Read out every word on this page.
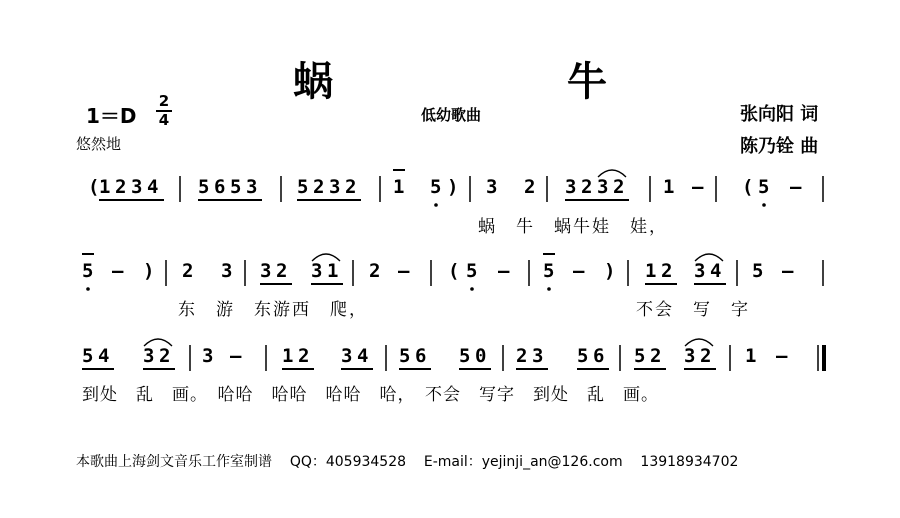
蜗 牛
1＝D
2
4
悠然地
低幼歌曲	张向阳 词
陈乃铨 曲
( 1 2 3 4 5 6 5 3 5 2 3 2 1 5 ) 3 2 3 2 3 2 1 – ( 5 –
5 – ) 2 3 3 2 3 1 2 – ( 5 – 5 – ) 1 2 3 4 5 –
5 4 3 2 3 – 1 2 3 4 5 6 5 0 2 3 5 6 5 2 3 2 1 –
蜗　牛　蜗牛娃　娃，
东　游　东游西　爬，	不会　写　字
到处　乱　画。　哈哈　哈哈　哈哈　哈，　不会　写字　到处　乱　画。
本歌曲上海剑文音乐工作室制谱 QQ：405934528 E-mail：yejinji_an@126.com 13918934702
